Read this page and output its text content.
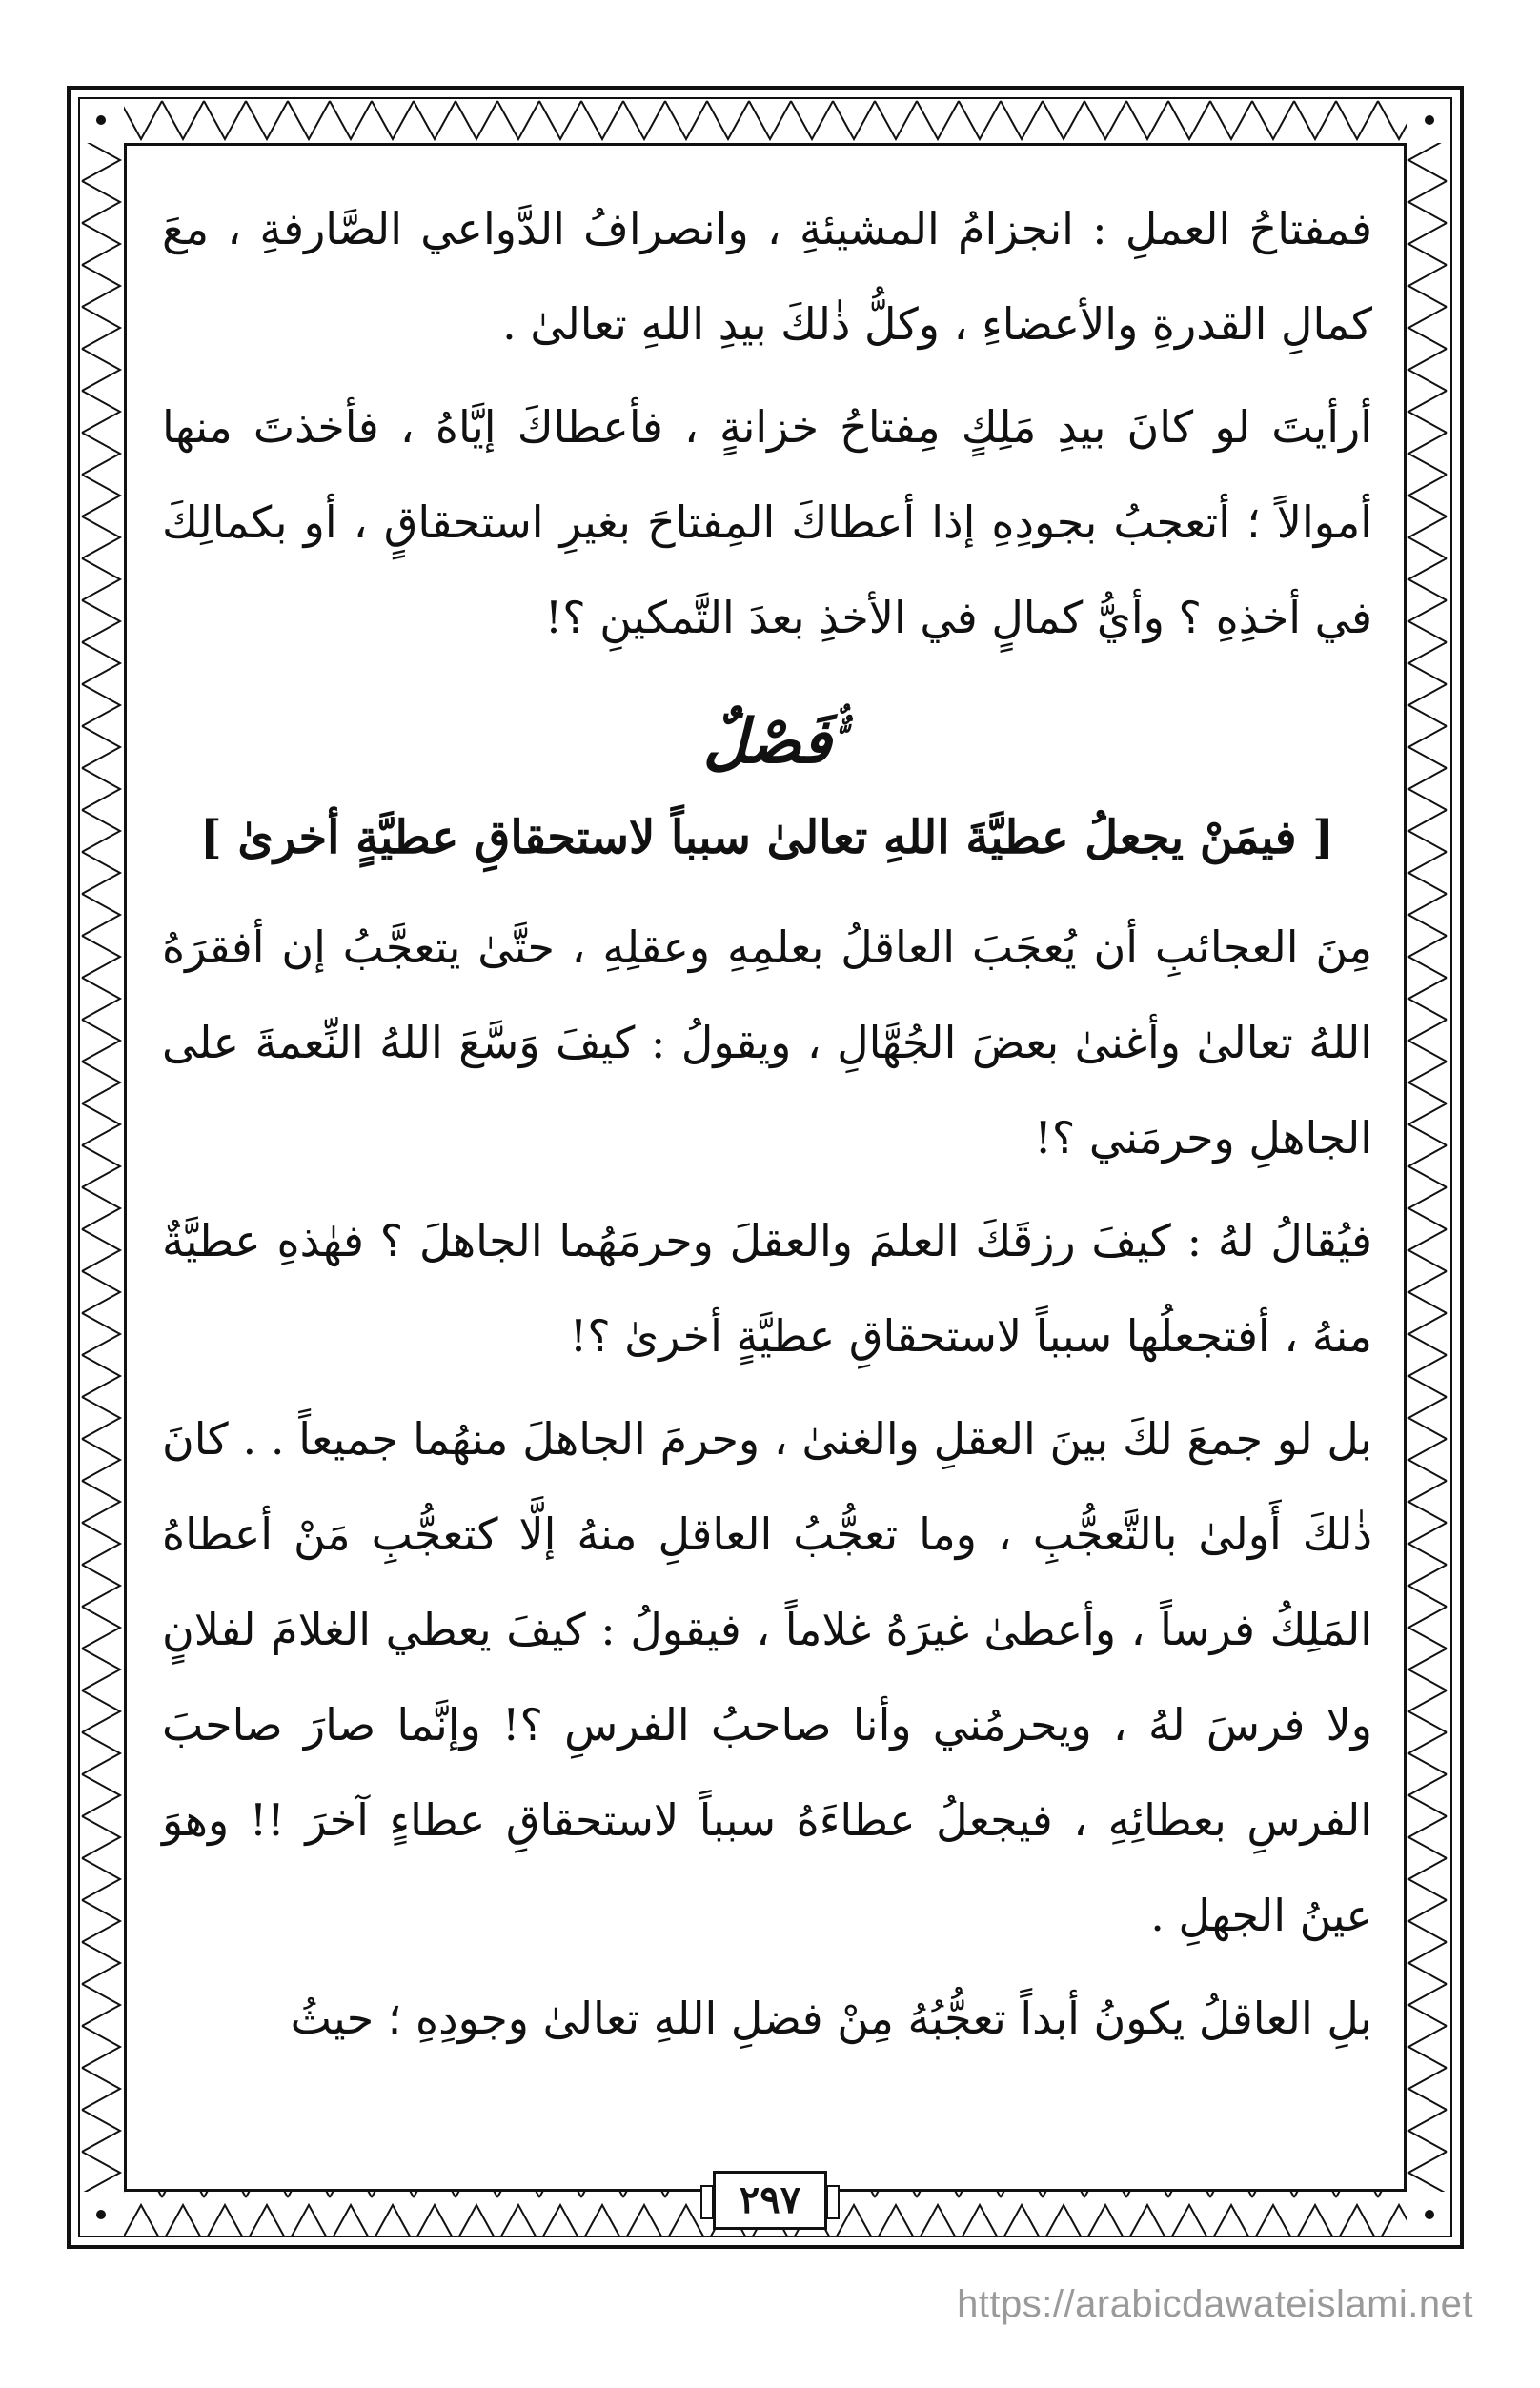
فمفتاحُ العملِ : انجزامُ المشيئةِ ، وانصرافُ الدَّواعي الصَّارفةِ ، معَ كمالِ القدرةِ والأعضاءِ ، وكلُّ ذٰلكَ بيدِ اللهِ تعالىٰ .

أرأيتَ لو كانَ بيدِ مَلِكٍ مِفتاحُ خزانةٍ ، فأعطاكَ إيَّاهُ ، فأخذتَ منها أموالاً ؛ أتعجبُ بجودِهِ إذا أعطاكَ المِفتاحَ بغيرِ استحقاقٍ ، أو بكمالِكَ في أخذِهِ ؟ وأيُّ كمالٍ في الأخذِ بعدَ التَّمكينِ ؟!

فَصْلٌ
[ فيمَنْ يجعلُ عطيَّةَ اللهِ تعالىٰ سبباً لاستحقاقِ عطيَّةٍ أخرىٰ ]

مِنَ العجائبِ أن يُعجَبَ العاقلُ بعلمِهِ وعقلِهِ ، حتَّىٰ يتعجَّبُ إن أفقرَهُ اللهُ تعالىٰ وأغنىٰ بعضَ الجُهَّالِ ، ويقولُ : كيفَ وَسَّعَ اللهُ النِّعمةَ على الجاهلِ وحرمَني ؟!

فيُقالُ لهُ : كيفَ رزقَكَ العلمَ والعقلَ وحرمَهُما الجاهلَ ؟ فهٰذهِ عطيَّةٌ منهُ ، أفتجعلُها سبباً لاستحقاقِ عطيَّةٍ أخرىٰ ؟!

بل لو جمعَ لكَ بينَ العقلِ والغنىٰ ، وحرمَ الجاهلَ منهُما جميعاً . . كانَ ذٰلكَ أَولىٰ بالتَّعجُّبِ ، وما تعجُّبُ العاقلِ منهُ إلَّا كتعجُّبِ مَنْ أعطاهُ المَلِكُ فرساً ، وأعطىٰ غيرَهُ غلاماً ، فيقولُ : كيفَ يعطي الغلامَ لفلانٍ ولا فرسَ لهُ ، ويحرمُني وأنا صاحبُ الفرسِ ؟! وإنَّما صارَ صاحبَ الفرسِ بعطائِهِ ، فيجعلُ عطاءَهُ سبباً لاستحقاقِ عطاءٍ آخرَ !! وهوَ عينُ الجهلِ .

بلِ العاقلُ يكونُ أبداً تعجُّبُهُ مِنْ فضلِ اللهِ تعالىٰ وجودِهِ ؛ حيثُ

٢٩٧
https://arabicdawateislami.net
